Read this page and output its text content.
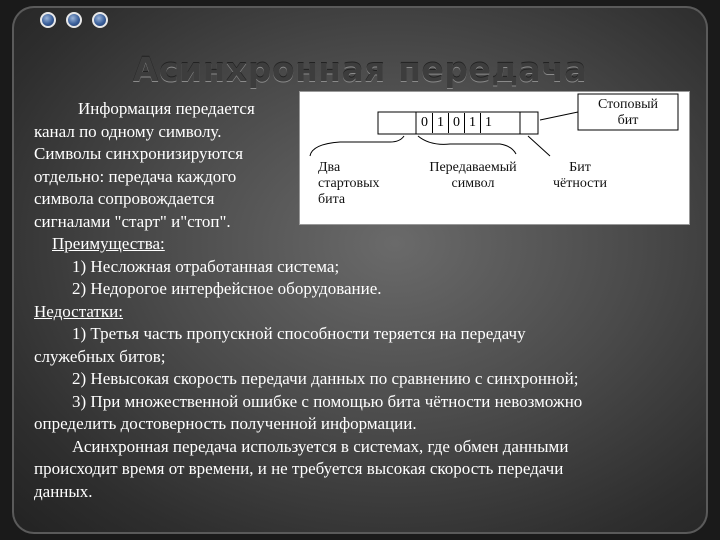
Асинхронная передача
Информация передается
канал по одному символу.
Символы синхронизируются
отдельно: передача каждого
символа сопровождается
сигналами "старт" и"стоп".
Преимущества:
1) Несложная отработанная система;
2) Недорогое интерфейсное оборудование.
Недостатки:
1) Третья часть пропускной способности теряется на передачу
служебных битов;
2) Невысокая скорость передачи данных по сравнению с синхронной;
3) При множественной ошибке с помощью бита чётности невозможно
определить достоверность полученной информации.
Асинхронная передача используется в системах, где обмен данными
происходит время от времени, и не требуется высокая скорость передачи
данных.
0 1 0 1 1
Стоповый
бит
Два
стартовых
бита
Передаваемый
символ
Бит
чётности
